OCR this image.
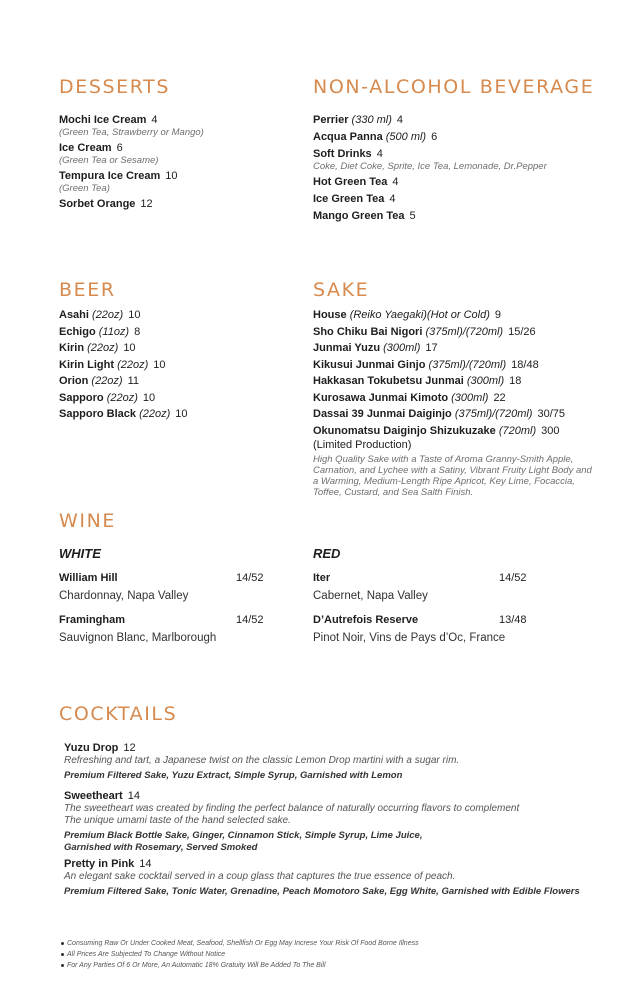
DESSERTS
Mochi Ice Cream 4
(Green Tea, Strawberry or Mango)
Ice Cream 6
(Green Tea or Sesame)
Tempura Ice Cream 10
(Green Tea)
Sorbet Orange 12
NON-ALCOHOL BEVERAGE
Perrier (330 ml) 4
Acqua Panna (500 ml) 6
Soft Drinks 4
Coke, Diet Coke, Sprite, Ice Tea, Lemonade, Dr.Pepper
Hot Green Tea 4
Ice Green Tea 4
Mango Green Tea 5
BEER
Asahi (22oz) 10
Echigo (11oz) 8
Kirin (22oz) 10
Kirin Light (22oz) 10
Orion (22oz) 11
Sapporo (22oz) 10
Sapporo Black (22oz) 10
SAKE
House (Reiko Yaegaki)(Hot or Cold) 9
Sho Chiku Bai Nigori (375ml)/(720ml) 15/26
Junmai Yuzu (300ml) 17
Kikusui Junmai Ginjo (375ml)/(720ml) 18/48
Hakkasan Tokubetsu Junmai (300ml) 18
Kurosawa Junmai Kimoto (300ml) 22
Dassai 39 Junmai Daiginjo (375ml)/(720ml) 30/75
Okunomatsu Daiginjo Shizukuzake (720ml) 300
(Limited Production)
High Quality Sake with a Taste of Aroma Granny-Smith Apple, Carnation, and Lychee with a Satiny, Vibrant Fruity Light Body and a Warming, Medium-Length Ripe Apricot, Key Lime, Focaccia, Toffee, Custard, and Sea Salth Finish.
WINE
WHITE
William Hill	14/52
Chardonnay, Napa Valley
Framingham	14/52
Sauvignon Blanc, Marlborough
RED
Iter	14/52
Cabernet, Napa Valley
D’Autrefois Reserve	13/48
Pinot Noir, Vins de Pays d’Oc, France
COCKTAILS
Yuzu Drop 12
Refreshing and tart, a Japanese twist on the classic Lemon Drop martini with a sugar rim.
Premium Filtered Sake, Yuzu Extract, Simple Syrup, Garnished with Lemon
Sweetheart 14
The sweetheart was created by finding the perfect balance of naturally occurring flavors to complement
The unique umami taste of the hand selected sake.
Premium Black Bottle Sake, Ginger, Cinnamon Stick, Simple Syrup, Lime Juice,
Garnished with Rosemary, Served Smoked
Pretty in Pink 14
An elegant sake cocktail served in a coup glass that captures the true essence of peach.
Premium Filtered Sake, Tonic Water, Grenadine, Peach Momotoro Sake, Egg White, Garnished with Edible Flowers
Consuming Raw Or Under Cooked Meat, Seafood, Shellfish Or Egg May Increse Your Risk Of Food Borne Illness
All Prices Are Subjected To Change Without Notice
For Any Parties Of 6 Or More, An Automatic 18% Gratuity Will Be Added To The Bill
